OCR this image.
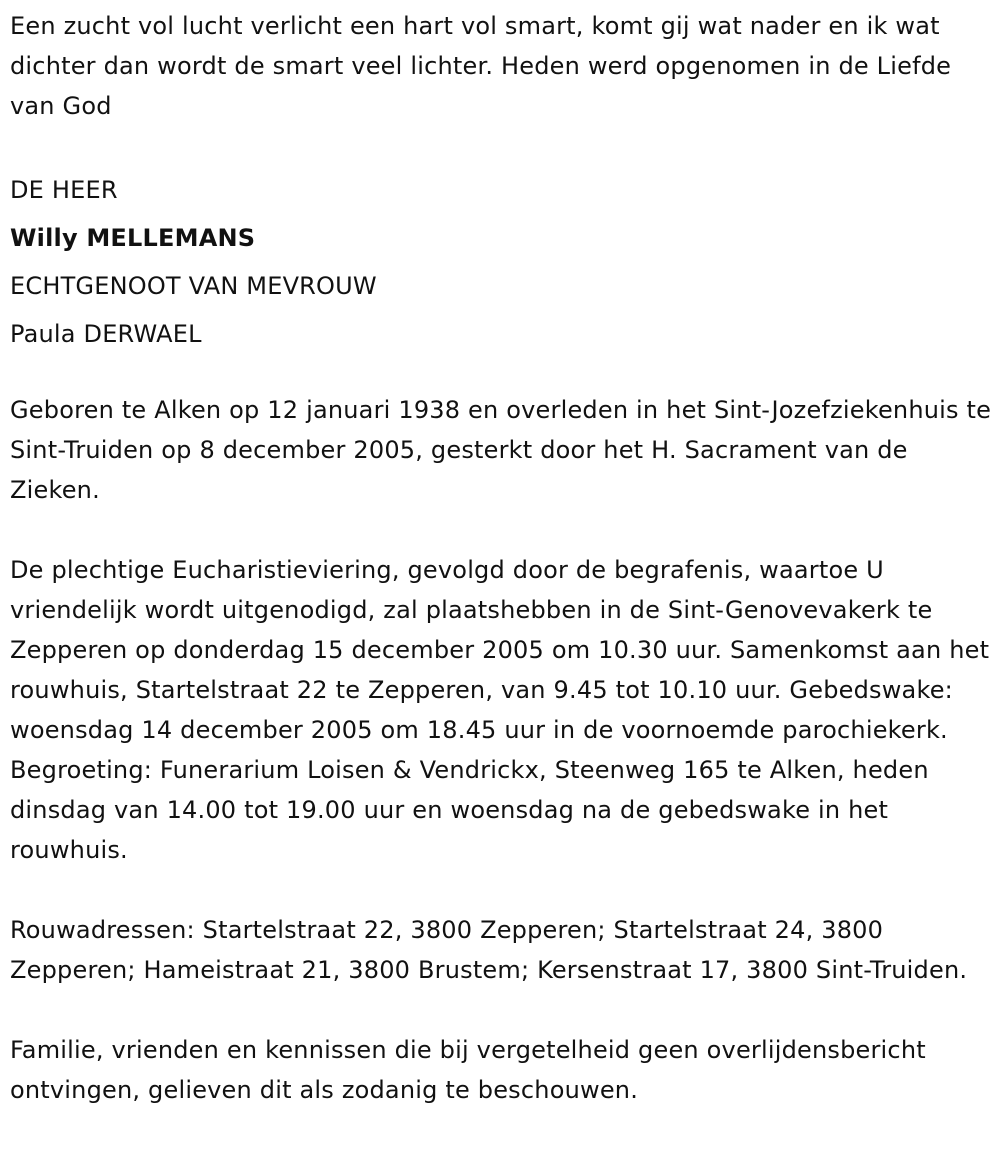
Een zucht vol lucht verlicht een hart vol smart, komt gij wat nader en ik wat dichter dan wordt de smart veel lichter. Heden werd opgenomen in de Liefde van God

DE HEER

Willy MELLEMANS

ECHTGENOOT VAN MEVROUW

Paula DERWAEL

Geboren te Alken op 12 januari 1938 en overleden in het Sint-Jozefziekenhuis te Sint-Truiden op 8 december 2005, gesterkt door het H. Sacrament van de Zieken.

De plechtige Eucharistieviering, gevolgd door de begrafenis, waartoe U vriendelijk wordt uitgenodigd, zal plaatshebben in de Sint-Genovevakerk te Zepperen op donderdag 15 december 2005 om 10.30 uur. Samenkomst aan het rouwhuis, Startelstraat 22 te Zepperen, van 9.45 tot 10.10 uur. Gebedswake: woensdag 14 december 2005 om 18.45 uur in de voornoemde parochiekerk. Begroeting: Funerarium Loisen & Vendrickx, Steenweg 165 te Alken, heden dinsdag van 14.00 tot 19.00 uur en woensdag na de gebedswake in het rouwhuis.

Rouwadressen: Startelstraat 22, 3800 Zepperen; Startelstraat 24, 3800 Zepperen; Hameistraat 21, 3800 Brustem; Kersenstraat 17, 3800 Sint-Truiden.

Familie, vrienden en kennissen die bij vergetelheid geen overlijdensbericht ontvingen, gelieven dit als zodanig te beschouwen.
